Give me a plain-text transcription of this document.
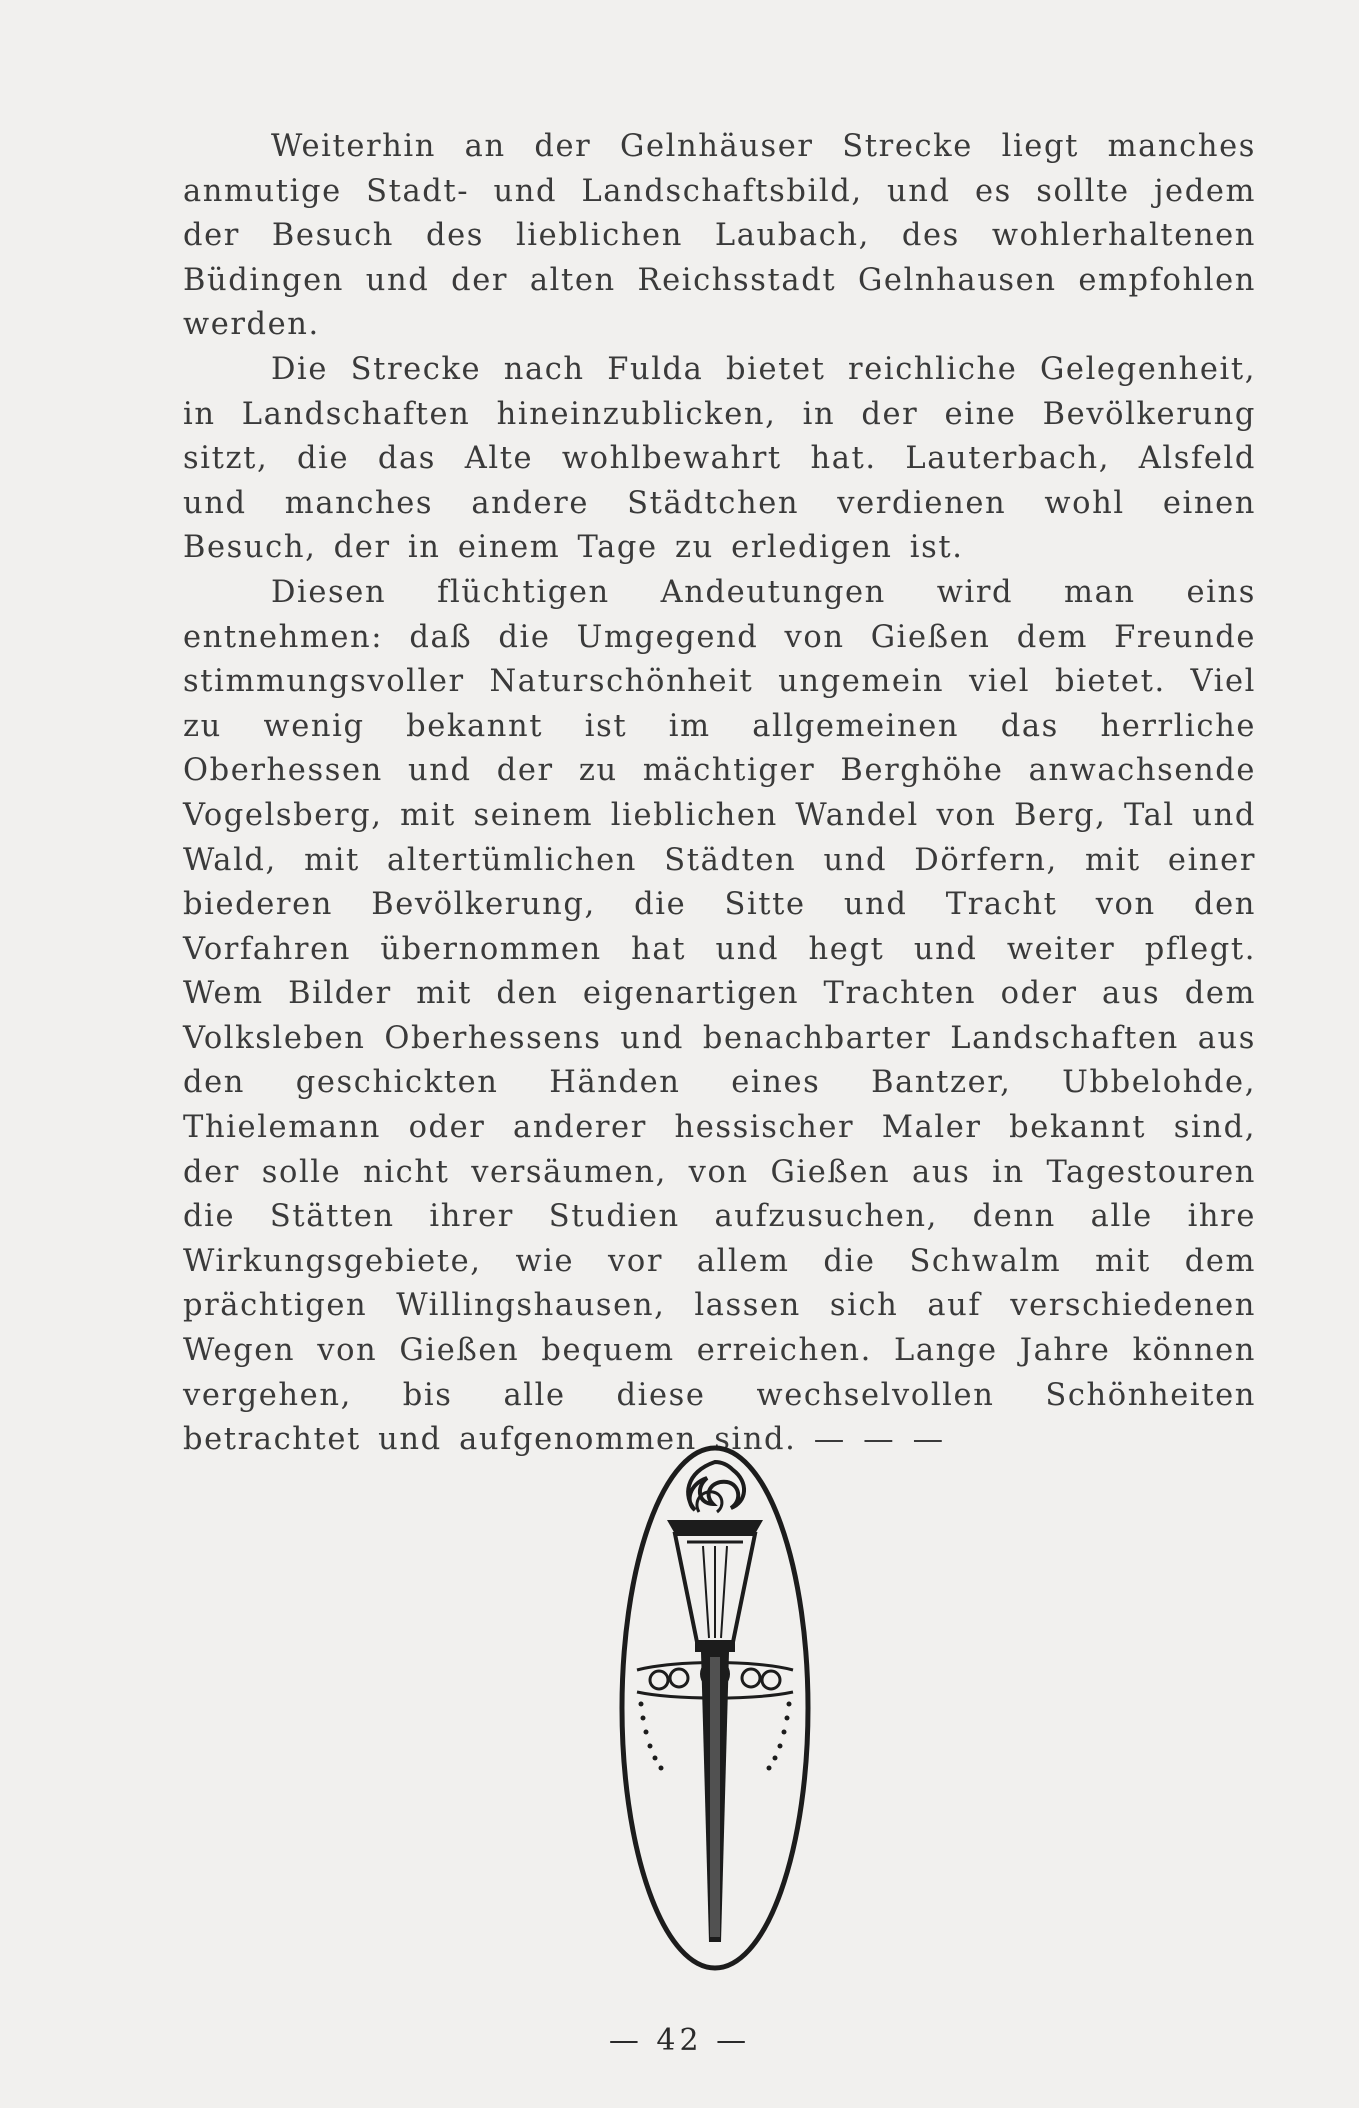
Weiterhin an der Gelnhäuser Strecke liegt manches anmutige Stadt- und Landschaftsbild, und es sollte jedem der Besuch des lieblichen Laubach, des wohlerhaltenen Büdingen und der alten Reichsstadt Gelnhausen empfohlen werden.

Die Strecke nach Fulda bietet reichliche Gelegenheit, in Landschaften hineinzublicken, in der eine Bevölkerung sitzt, die das Alte wohlbewahrt hat. Lauterbach, Alsfeld und manches andere Städtchen verdienen wohl einen Besuch, der in einem Tage zu erledigen ist.

Diesen flüchtigen Andeutungen wird man eins entnehmen: daß die Umgegend von Gießen dem Freunde stimmungsvoller Naturschönheit ungemein viel bietet. Viel zu wenig bekannt ist im allgemeinen das herrliche Oberhessen und der zu mächtiger Berghöhe anwachsende Vogelsberg, mit seinem lieblichen Wandel von Berg, Tal und Wald, mit altertümlichen Städten und Dörfern, mit einer biederen Bevölkerung, die Sitte und Tracht von den Vorfahren übernommen hat und hegt und weiter pflegt. Wem Bilder mit den eigenartigen Trachten oder aus dem Volksleben Oberhessens und benachbarter Landschaften aus den geschickten Händen eines Bantzer, Ubbelohde, Thielemann oder anderer hessischer Maler bekannt sind, der solle nicht versäumen, von Gießen aus in Tagestouren die Stätten ihrer Studien aufzusuchen, denn alle ihre Wirkungsgebiete, wie vor allem die Schwalm mit dem prächtigen Willingshausen, lassen sich auf verschiedenen Wegen von Gießen bequem erreichen. Lange Jahre können vergehen, bis alle diese wechselvollen Schönheiten betrachtet und aufgenommen sind. — — —

— 42 —
